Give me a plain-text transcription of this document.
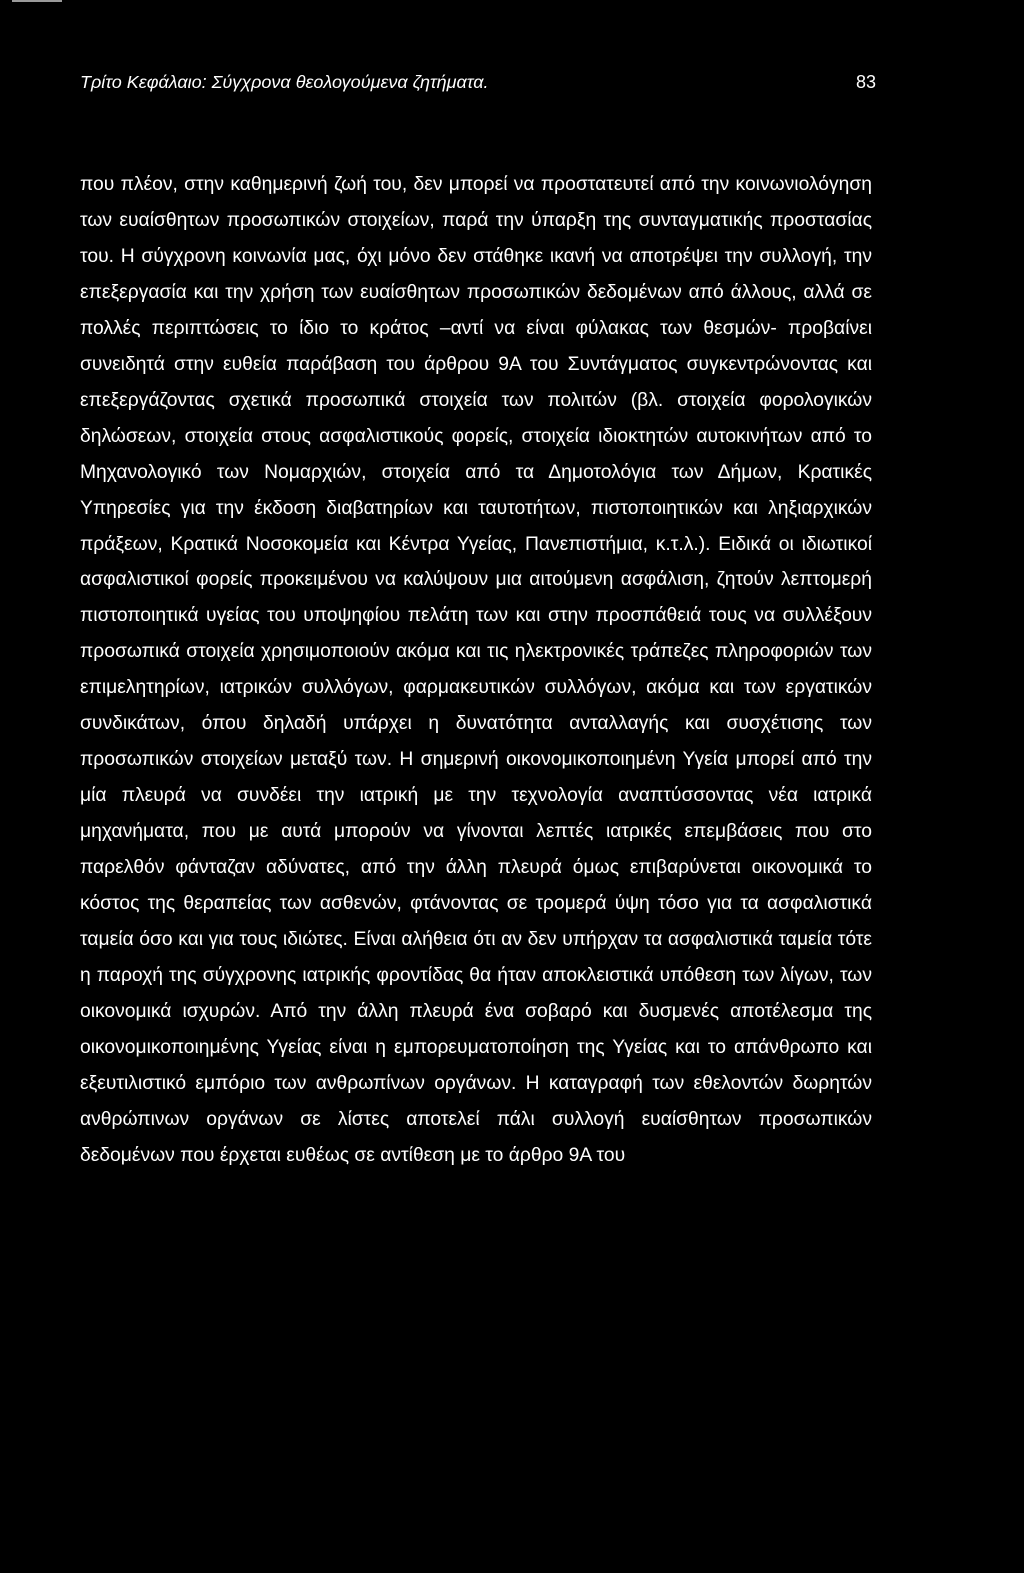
Τρίτο Κεφάλαιο: Σύγχρονα θεολογούμενα ζητήματα.	83

που πλέον, στην καθημερινή ζωή του, δεν μπορεί να προστατευτεί από την κοινωνιολόγηση των ευαίσθητων προσωπικών στοιχείων, παρά την ύπαρξη της συνταγματικής προστασίας του. Η σύγχρονη κοινωνία μας, όχι μόνο δεν στάθηκε ικανή να αποτρέψει την συλλογή, την επεξεργασία και την χρήση των ευαίσθητων προσωπικών δεδομένων από άλλους, αλλά σε πολλές περιπτώσεις το ίδιο το κράτος –αντί να είναι φύλακας των θεσμών- προβαίνει συνειδητά στην ευθεία παράβαση του άρθρου 9Α του Συντάγματος συγκεντρώνοντας και επεξεργάζοντας σχετικά προσωπικά στοιχεία των πολιτών (βλ. στοιχεία φορολογικών δηλώσεων, στοιχεία στους ασφαλιστικούς φορείς, στοιχεία ιδιοκτητών αυτοκινήτων από το Μηχανολογικό των Νομαρχιών, στοιχεία από τα Δημοτολόγια των Δήμων, Κρατικές Υπηρεσίες για την έκδοση διαβατηρίων και ταυτοτήτων, πιστοποιητικών και ληξιαρχικών πράξεων, Κρατικά Νοσοκομεία και Κέντρα Υγείας, Πανεπιστήμια, κ.τ.λ.). Ειδικά οι ιδιωτικοί ασφαλιστικοί φορείς προκειμένου να καλύψουν μια αιτούμενη ασφάλιση, ζητούν λεπτομερή πιστοποιητικά υγείας του υποψηφίου πελάτη των και στην προσπάθειά τους να συλλέξουν προσωπικά στοιχεία χρησιμοποιούν ακόμα και τις ηλεκτρονικές τράπεζες πληροφοριών των επιμελητηρίων, ιατρικών συλλόγων, φαρμακευτικών συλλόγων, ακόμα και των εργατικών συνδικάτων, όπου δηλαδή υπάρχει η δυνατότητα ανταλλαγής και συσχέτισης των προσωπικών στοιχείων μεταξύ των. Η σημερινή οικονομικοποιημένη Υγεία μπορεί από την μία πλευρά να συνδέει την ιατρική με την τεχνολογία αναπτύσσοντας νέα ιατρικά μηχανήματα, που με αυτά μπορούν να γίνονται λεπτές ιατρικές επεμβάσεις που στο παρελθόν φάνταζαν αδύνατες, από την άλλη πλευρά όμως επιβαρύνεται οικονομικά το κόστος της θεραπείας των ασθενών, φτάνοντας σε τρομερά ύψη τόσο για τα ασφαλιστικά ταμεία όσο και για τους ιδιώτες. Είναι αλήθεια ότι αν δεν υπήρχαν τα ασφαλιστικά ταμεία τότε η παροχή της σύγχρονης ιατρικής φροντίδας θα ήταν αποκλειστικά υπόθεση των λίγων, των οικονομικά ισχυρών. Από την άλλη πλευρά ένα σοβαρό και δυσμενές αποτέλεσμα της οικονομικοποιημένης Υγείας είναι η εμπορευματοποίηση της Υγείας και το απάνθρωπο και εξευτιλιστικό εμπόριο των ανθρωπίνων οργάνων. Η καταγραφή των εθελοντών δωρητών ανθρώπινων οργάνων σε λίστες αποτελεί πάλι συλλογή ευαίσθητων προσωπικών δεδομένων που έρχεται ευθέως σε αντίθεση με το άρθρο 9Α του
